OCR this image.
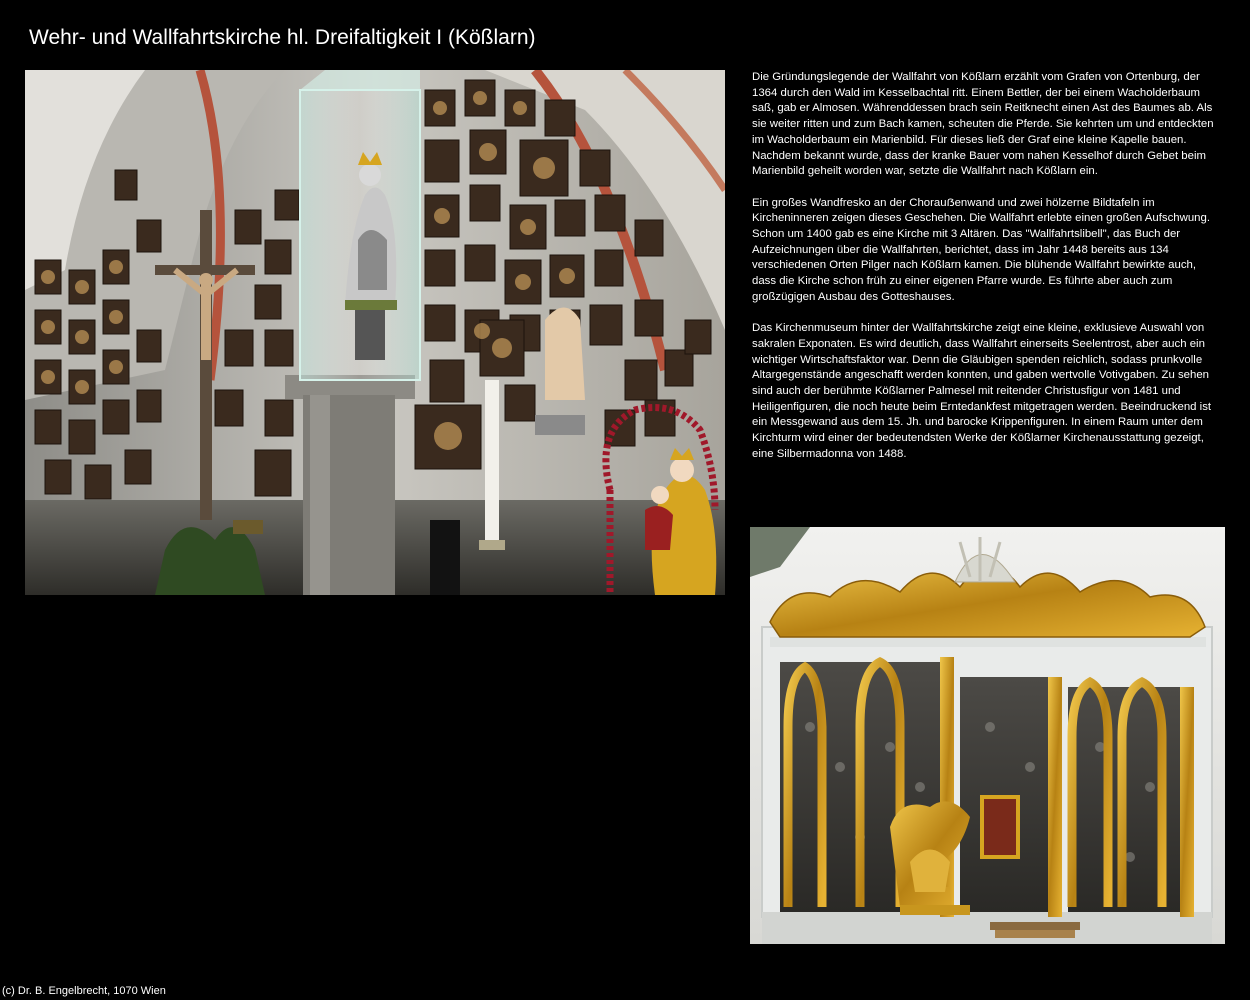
Wehr- und Wallfahrtskirche hl. Dreifaltigkeit I (Kößlarn)

Die Gründungslegende der Wallfahrt von Kößlarn erzählt vom Grafen von Ortenburg, der 1364 durch den Wald im Kesselbachtal ritt. Einem Bettler, der bei einem Wacholderbaum saß, gab er Almosen. Währenddessen brach sein Reitknecht einen Ast des Baumes ab. Als sie weiter ritten und zum Bach kamen, scheuten die Pferde. Sie kehrten um und entdeckten im Wacholderbaum ein Marienbild. Für dieses ließ der Graf eine kleine Kapelle bauen. Nachdem bekannt wurde, dass der kranke Bauer vom nahen Kesselhof durch Gebet beim Marienbild geheilt worden war, setzte die Wallfahrt nach Kößlarn ein.

Ein großes Wandfresko an der Chorauẞenwand und zwei hölzerne Bildtafeln im Kircheninneren zeigen dieses Geschehen. Die Wallfahrt erlebte einen großen Aufschwung. Schon um 1400 gab es eine Kirche mit 3 Altären. Das "Wallfahrtslibell", das Buch der Aufzeichnungen über die Wallfahrten, berichtet, dass im Jahr 1448 bereits aus 134 verschiedenen Orten Pilger nach Kößlarn kamen. Die blühende Wallfahrt bewirkte auch, dass die Kirche schon früh zu einer eigenen Pfarre wurde. Es führte aber auch zum großzügigen Ausbau des Gotteshauses.

Das Kirchenmuseum hinter der Wallfahrtskirche zeigt eine kleine, exklusieve Auswahl von sakralen Exponaten. Es wird deutlich, dass Wallfahrt einerseits Seelentrost, aber auch ein wichtiger Wirtschaftsfaktor war. Denn die Gläubigen spenden reichlich, sodass prunkvolle Altargegenstände angeschafft werden konnten, und gaben wertvolle Votivgaben. Zu sehen sind auch der berühmte Kößlarner Palmesel mit reitender Christusfigur von 1481 und Heiligenfiguren, die noch heute beim Erntedankfest mitgetragen werden. Beeindruckend ist ein Messgewand aus dem 15. Jh. und barocke Krippenfiguren. In einem Raum unter dem Kirchturm wird einer der bedeutendsten Werke der Kößlarner Kirchenausstattung gezeigt, eine Silbermadonna von 1488.

(c) Dr. B. Engelbrecht, 1070 Wien
